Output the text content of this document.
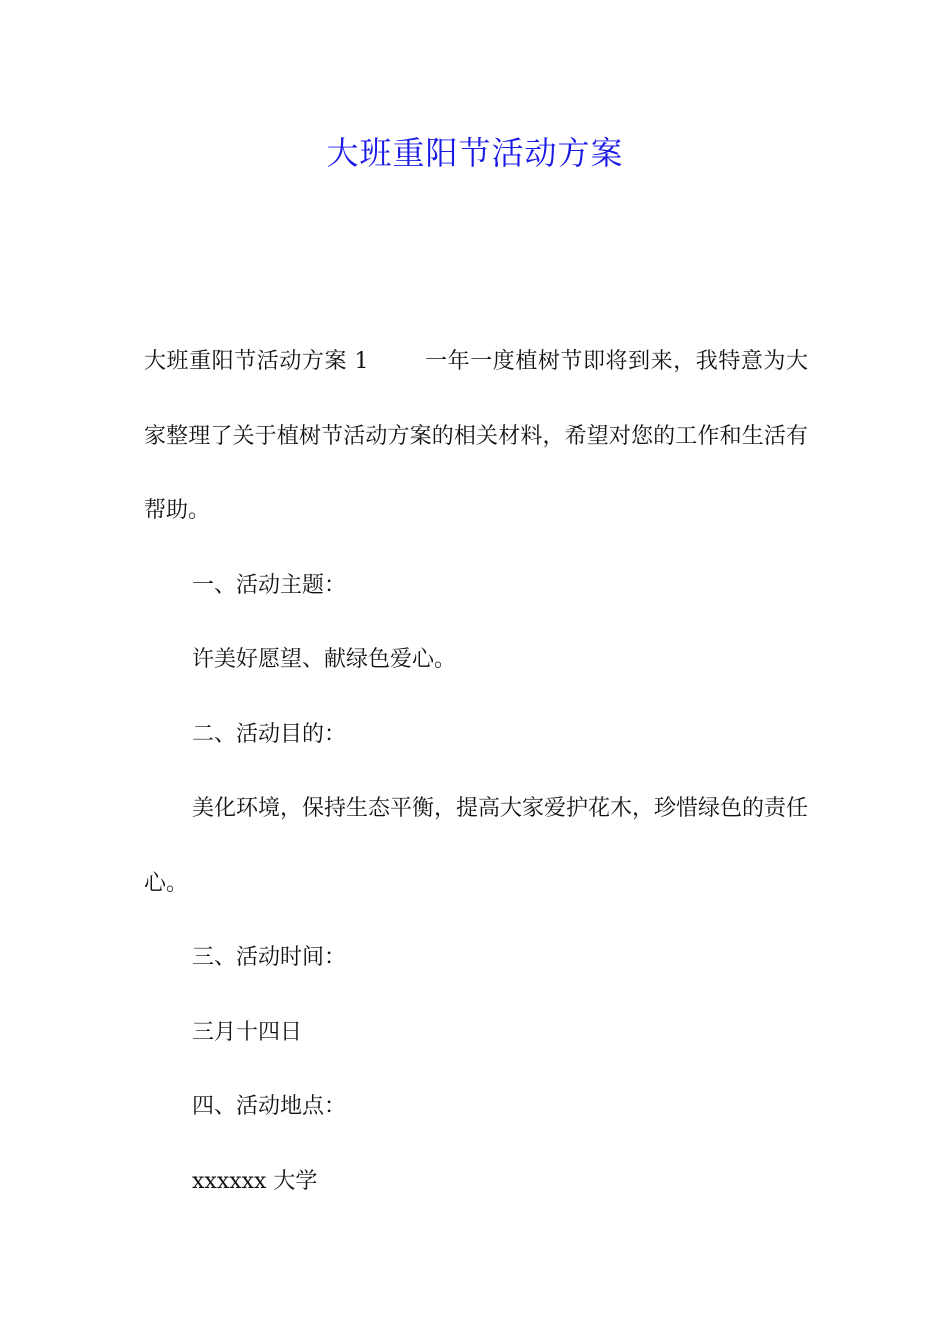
大班重阳节活动方案

大班重阳节活动方案 1	一年一度植树节即将到来，我特意为大家整理了关于植树节活动方案的相关材料，希望对您的工作和生活有帮助。

一、活动主题：

许美好愿望、献绿色爱心。

二、活动目的：

美化环境，保持生态平衡，提高大家爱护花木，珍惜绿色的责任心。

三、活动时间：

三月十四日

四、活动地点：

xxxxxx 大学
